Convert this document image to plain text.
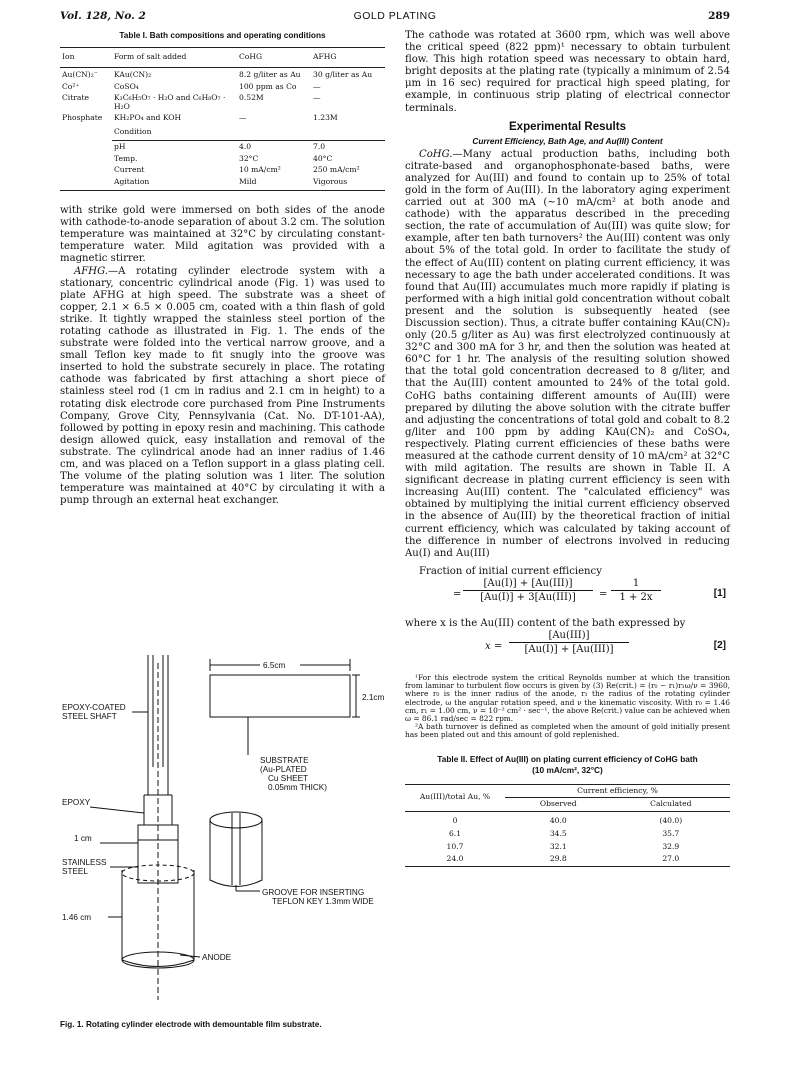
Vol. 128, No. 2	GOLD PLATING	289
Table I. Bath compositions and operating conditions
Ion	Form of salt added	CoHG	AFHG

Au(CN)₂⁻	KAu(CN)₂	8.2 g/liter as Au	30 g/liter as Au
Co²⁺	CoSO₄	100 ppm as Co	—
Citrate	K₃C₆H₅O₇ · H₂O and C₆H₈O₇ · H₂O	0.52M	—
Phosphate	KH₂PO₄ and KOH	—	1.23M
	Condition		

	pH	4.0	7.0
	Temp.	32°C	40°C
	Current	10 mA/cm²	250 mA/cm²
	Agitation	Mild	Vigorous

with strike gold were immersed on both sides of the anode with cathode-to-anode separation of about 3.2 cm. The solution temperature was maintained at 32°C by circulating constant-temperature water. Mild agitation was provided with a magnetic stirrer.

AFHG.—A rotating cylinder electrode system with a stationary, concentric cylindrical anode (Fig. 1) was used to plate AFHG at high speed. The substrate was a sheet of copper, 2.1 × 6.5 × 0.005 cm, coated with a thin flash of gold strike. It tightly wrapped the stainless steel portion of the rotating cathode as illustrated in Fig. 1. The ends of the substrate were folded into the vertical narrow groove, and a small Teflon key made to fit snugly into the groove was inserted to hold the substrate securely in place. The rotating cathode was fabricated by first attaching a short piece of stainless steel rod (1 cm in radius and 2.1 cm in height) to a rotating disk electrode core purchased from Pine Instruments Company, Grove City, Pennsylvania (Cat. No. DT-101-AA), followed by potting in epoxy resin and machining. This cathode design allowed quick, easy installation and removal of the substrate. The cylindrical anode had an inner radius of 1.46 cm, and was placed on a Teflon support in a glass plating cell. The volume of the plating solution was 1 liter. The solution temperature was maintained at 40°C by circulating it with a pump through an external heat exchanger.

6.5cm
2.1cm
EPOXY-COATED
STEEL SHAFT
SUBSTRATE
(Au-PLATED
Cu SHEET
0.05mm THICK)
EPOXY
1 cm
STAINLESS
STEEL
GROOVE FOR INSERTING
TEFLON KEY 1.3mm WIDE
1.46 cm
ANODE
Fig. 1. Rotating cylinder electrode with demountable film substrate.

The cathode was rotated at 3600 rpm, which was well above the critical speed (822 ppm)¹ necessary to obtain turbulent flow. This high rotation speed was necessary to obtain hard, bright deposits at the plating rate (typically a minimum of 2.54 μm in 16 sec) required for practical high speed plating, for example, in continuous strip plating of electrical connector terminals.

Experimental Results
Current Efficiency, Bath Age, and Au(III) Content

CoHG.—Many actual production baths, including both citrate-based and organophosphonate-based baths, were analyzed for Au(III) and found to contain up to 25% of total gold in the form of Au(III). In the laboratory aging experiment carried out at 300 mA (~10 mA/cm² at both anode and cathode) with the apparatus described in the preceding section, the rate of accumulation of Au(III) was quite slow; for example, after ten bath turnovers² the Au(III) content was only about 5% of the total gold. In order to facilitate the study of the effect of Au(III) content on plating current efficiency, it was necessary to age the bath under accelerated conditions. It was found that Au(III) accumulates much more rapidly if plating is performed with a high initial gold concentration without cobalt present and the solution is subsequently heated (see Discussion section). Thus, a citrate buffer containing KAu(CN)₂ only (20.5 g/liter as Au) was first electrolyzed continuously at 32°C and 300 mA for 3 hr, and then the solution was heated at 60°C for 1 hr. The analysis of the resulting solution showed that the total gold concentration decreased to 8 g/liter, and that the Au(III) content amounted to 24% of the total gold. CoHG baths containing different amounts of Au(III) were prepared by diluting the above solution with the citrate buffer and adjusting the concentrations of total gold and cobalt to 8.2 g/liter and 100 ppm by adding KAu(CN)₂ and CoSO₄, respectively. Plating current efficiencies of these baths were measured at the cathode current density of 10 mA/cm² at 32°C with mild agitation. The results are shown in Table II. A significant decrease in plating current efficiency is seen with increasing Au(III) content. The "calculated efficiency" was obtained by multiplying the initial current efficiency observed in the absence of Au(III) by the theoretical fraction of initial current efficiency, which was calculated by taking account of the difference in number of electrons involved in reducing Au(I) and Au(III)

Fraction of initial current efficiency

=
[Au(I)] + [Au(III)]
[Au(I)] + 3[Au(III)]	= $\frac{1}{1 + 2x}$	[1]

where x is the Au(III) content of the bath expressed by

x =
[Au(III)]
[Au(I)] + [Au(III)]	[2]

¹For this electrode system the critical Reynolds number at which the transition from laminar to turbulent flow occurs is given by (3) Re(crit.) = (r₀ − r₁)r₁ω/ν = 3960, where r₀ is the inner radius of the anode, r₁ the radius of the rotating cylinder electrode, ω the angular rotation speed, and ν the kinematic viscosity. With r₀ = 1.46 cm, r₁ = 1.00 cm, ν = 10⁻² cm² · sec⁻¹, the above Re(crit.) value can be achieved when ω = 86.1 rad/sec = 822 rpm.

²A bath turnover is defined as completed when the amount of gold initially present has been plated out and this amount of gold replenished.

Table II. Effect of Au(III) on plating current efficiency of CoHG bath (10 mA/cm², 32°C)
Au(III)/total Au, %	Current efficiency, %	
	Observed	Calculated

0	40.0	(40.0)
6.1	34.5	35.7
10.7	32.1	32.9
24.0	29.8	27.0
